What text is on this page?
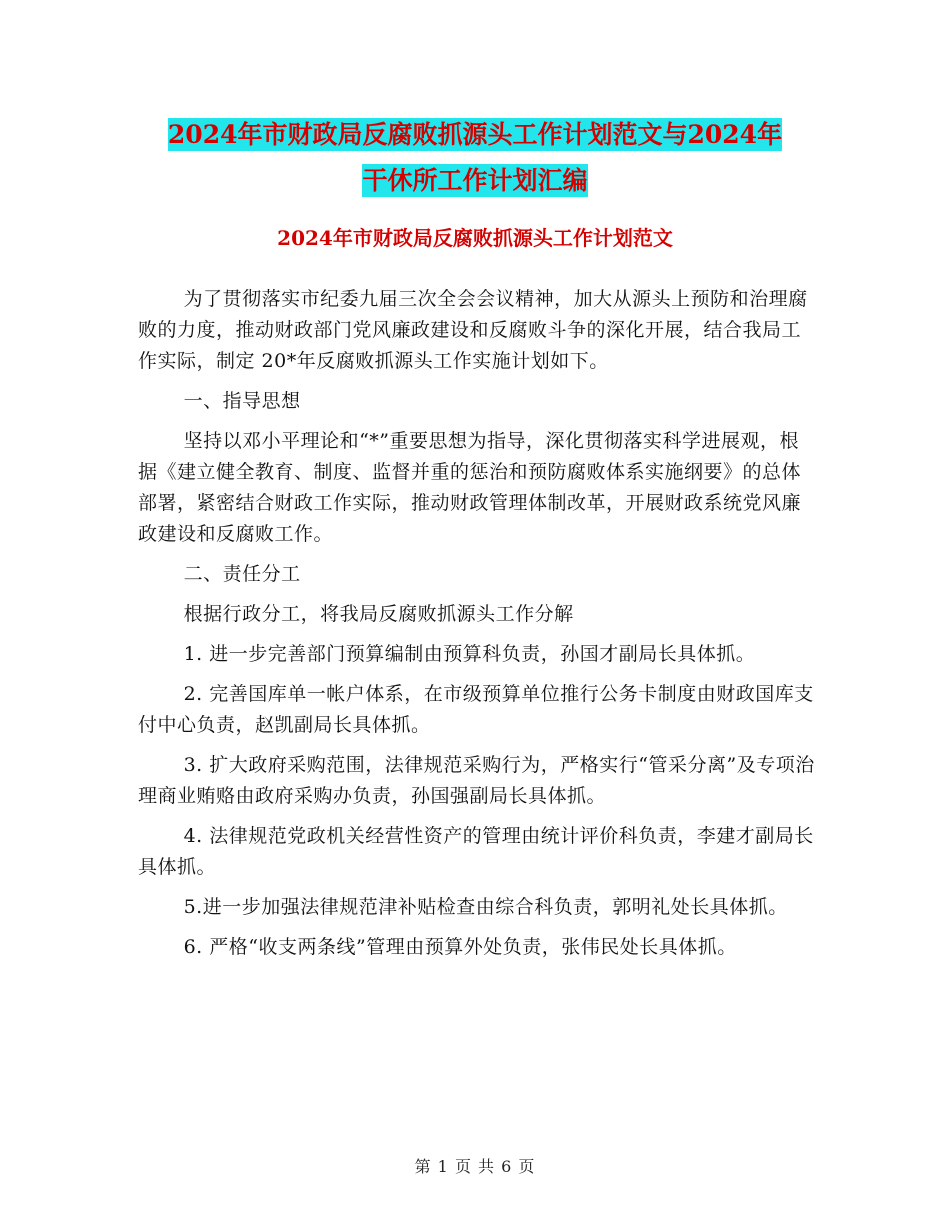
2024年市财政局反腐败抓源头工作计划范文与2024年
干休所工作计划汇编
2024年市财政局反腐败抓源头工作计划范文

为了贯彻落实市纪委九届三次全会会议精神，加大从源头上预防和治理腐败的力度，推动财政部门党风廉政建设和反腐败斗争的深化开展，结合我局工作实际，制定 20*年反腐败抓源头工作实施计划如下。

一、指导思想

坚持以邓小平理论和“*”重要思想为指导，深化贯彻落实科学进展观，根据《建立健全教育、制度、监督并重的惩治和预防腐败体系实施纲要》的总体部署，紧密结合财政工作实际，推动财政管理体制改革，开展财政系统党风廉政建设和反腐败工作。

二、责任分工

根据行政分工，将我局反腐败抓源头工作分解

1. 进一步完善部门预算编制由预算科负责，孙国才副局长具体抓。

2. 完善国库单一帐户体系，在市级预算单位推行公务卡制度由财政国库支付中心负责，赵凯副局长具体抓。

3. 扩大政府采购范围，法律规范采购行为，严格实行“管采分离”及专项治理商业贿赂由政府采购办负责，孙国强副局长具体抓。

4. 法律规范党政机关经营性资产的管理由统计评价科负责，李建才副局长具体抓。

5.进一步加强法律规范津补贴检查由综合科负责，郭明礼处长具体抓。

6. 严格“收支两条线”管理由预算外处负责，张伟民处长具体抓。

第 1 页 共 6 页
